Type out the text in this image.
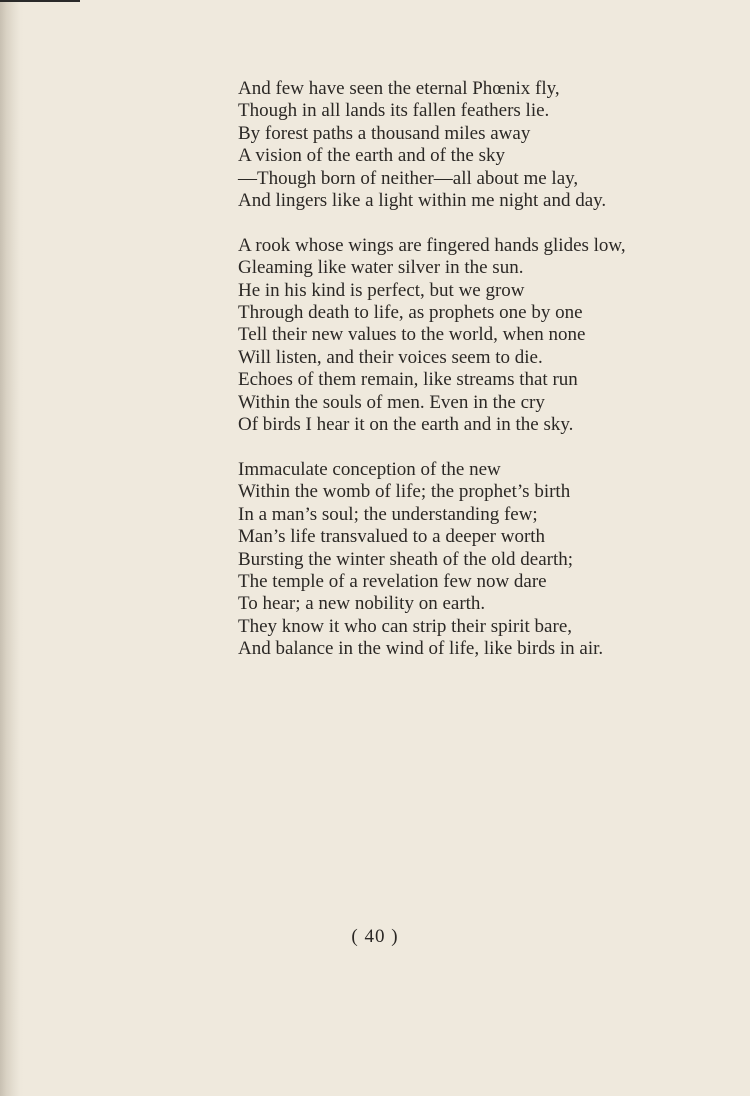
And few have seen the eternal Phœnix fly,
Though in all lands its fallen feathers lie.
By forest paths a thousand miles away
A vision of the earth and of the sky
—Though born of neither—all about me lay,
And lingers like a light within me night and day.

A rook whose wings are fingered hands glides low,
Gleaming like water silver in the sun.
He in his kind is perfect, but we grow
Through death to life, as prophets one by one
Tell their new values to the world, when none
Will listen, and their voices seem to die.
Echoes of them remain, like streams that run
Within the souls of men. Even in the cry
Of birds I hear it on the earth and in the sky.

Immaculate conception of the new
Within the womb of life; the prophet’s birth
In a man’s soul; the understanding few;
Man’s life transvalued to a deeper worth
Bursting the winter sheath of the old dearth;
The temple of a revelation few now dare
To hear; a new nobility on earth.
They know it who can strip their spirit bare,
And balance in the wind of life, like birds in air.

( 40 )
